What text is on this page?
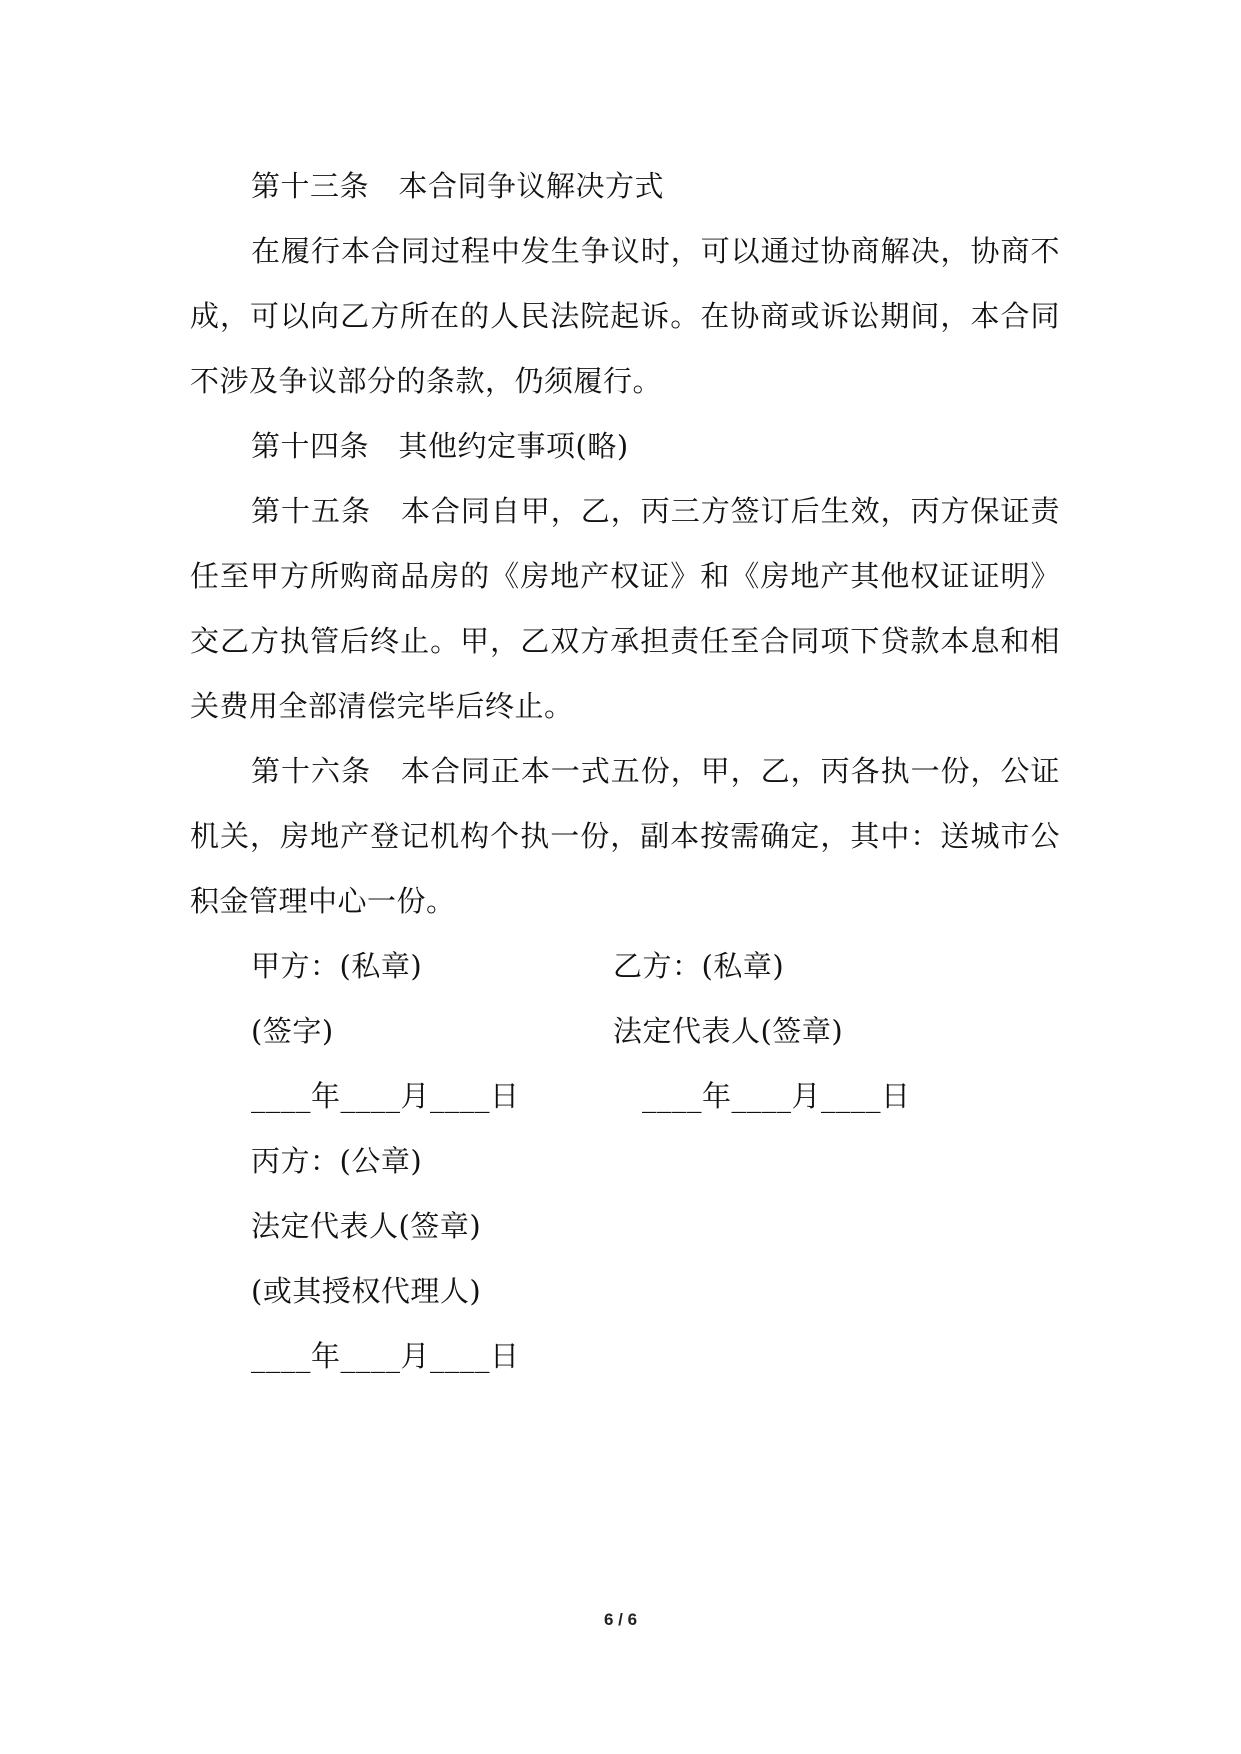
第十三条　本合同争议解决方式

在履行本合同过程中发生争议时，可以通过协商解决，协商不成，可以向乙方所在的人民法院起诉。在协商或诉讼期间，本合同不涉及争议部分的条款，仍须履行。

第十四条　其他约定事项(略)

第十五条　本合同自甲，乙，丙三方签订后生效，丙方保证责任至甲方所购商品房的《房地产权证》和《房地产其他权证证明》交乙方执管后终止。甲，乙双方承担责任至合同项下贷款本息和相关费用全部清偿完毕后终止。

第十六条　本合同正本一式五份，甲，乙，丙各执一份，公证机关，房地产登记机构个执一份，副本按需确定，其中：送城市公积金管理中心一份。

甲方：(私章)	乙方：(私章)
(签字)	法定代表人(签章)
____年____月____日	____年____月____日
丙方：(公章)
法定代表人(签章)
(或其授权代理人)
____年____月____日
6 / 6
